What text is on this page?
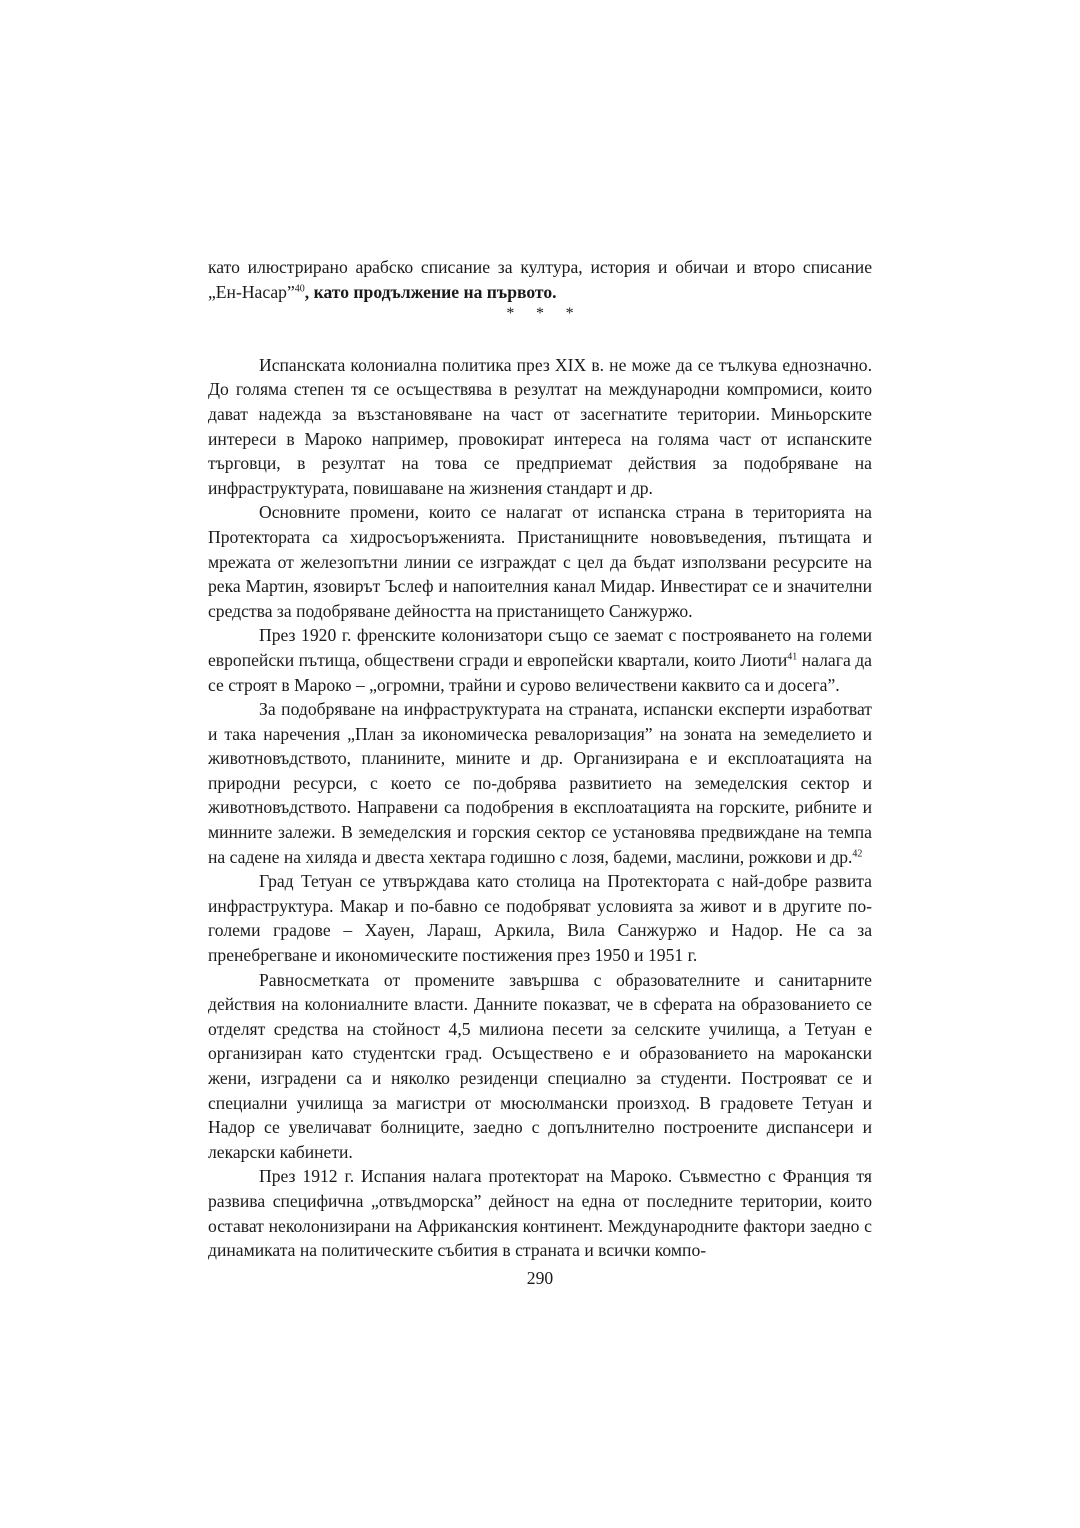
като илюстрирано арабско списание за култура, история и обичаи и второ списание „Ен-Насар”$^{40}$, като продължение на първото.

* * *

Испанската колониална политика през XIX в. не може да се тълкува еднозначно. До голяма степен тя се осъществява в резултат на международни компромиси, които дават надежда за възстановяване на част от засегнатите територии. Миньорските интереси в Мароко например, провокират интереса на голяма част от испанските търговци, в резултат на това се предприемат действия за подобряване на инфраструктурата, повишаване на жизнения стандарт и др.

Основните промени, които се налагат от испанска страна в територията на Протектората са хидросъоръженията. Пристанищните нововъведения, пътищата и мрежата от железопътни линии се изграждат с цел да бъдат използвани ресурсите на река Мартин, язовирът Ъслеф и напоителния канал Мидар. Инвестират се и значителни средства за подобряване дейността на пристанището Санжуржо.

През 1920 г. френските колонизатори също се заемат с построяването на големи европейски пътища, обществени сгради и европейски квартали, които Лиоти$^{41}$ налага да се строят в Мароко – „огромни, трайни и сурово величествени каквито са и досега”.

За подобряване на инфраструктурата на страната, испански експерти изработват и така наречения „План за икономическа ревалоризация” на зоната на земеделието и животновъдството, планините, мините и др. Организирана е и експлоатацията на природни ресурси, с което се по-добрява развитието на земеделския сектор и животновъдството. Направени са подобрения в експлоатацията на горските, рибните и минните залежи. В земеделския и горския сектор се установява предвиждане на темпа на садене на хиляда и двеста хектара годишно с лозя, бадеми, маслини, рожкови и др.$^{42}$

Град Тетуан се утвърждава като столица на Протектората с най-добре развита инфраструктура. Макар и по-бавно се подобряват условията за живот и в другите по-големи градове – Хауен, Лараш, Аркила, Вила Санжуржо и Надор. Не са за пренебрегване и икономическите постижения през 1950 и 1951 г.

Равносметката от промените завършва с образователните и санитарните действия на колониалните власти. Данните показват, че в сферата на образованието се отделят средства на стойност 4,5 милиона песети за селските училища, а Тетуан е организиран като студентски град. Осъществено е и образованието на марокански жени, изградени са и няколко резиденци специално за студенти. Построяват се и специални училища за магистри от мюсюлмански произход. В градовете Тетуан и Надор се увеличават болниците, заедно с допълнително построените диспансери и лекарски кабинети.

През 1912 г. Испания налага протекторат на Мароко. Съвместно с Франция тя развива специфична „отвъдморска” дейност на една от последните територии, които остават неколонизирани на Африканския континент. Международните фактори заедно с динамиката на политическите събития в страната и всички компо-

290
